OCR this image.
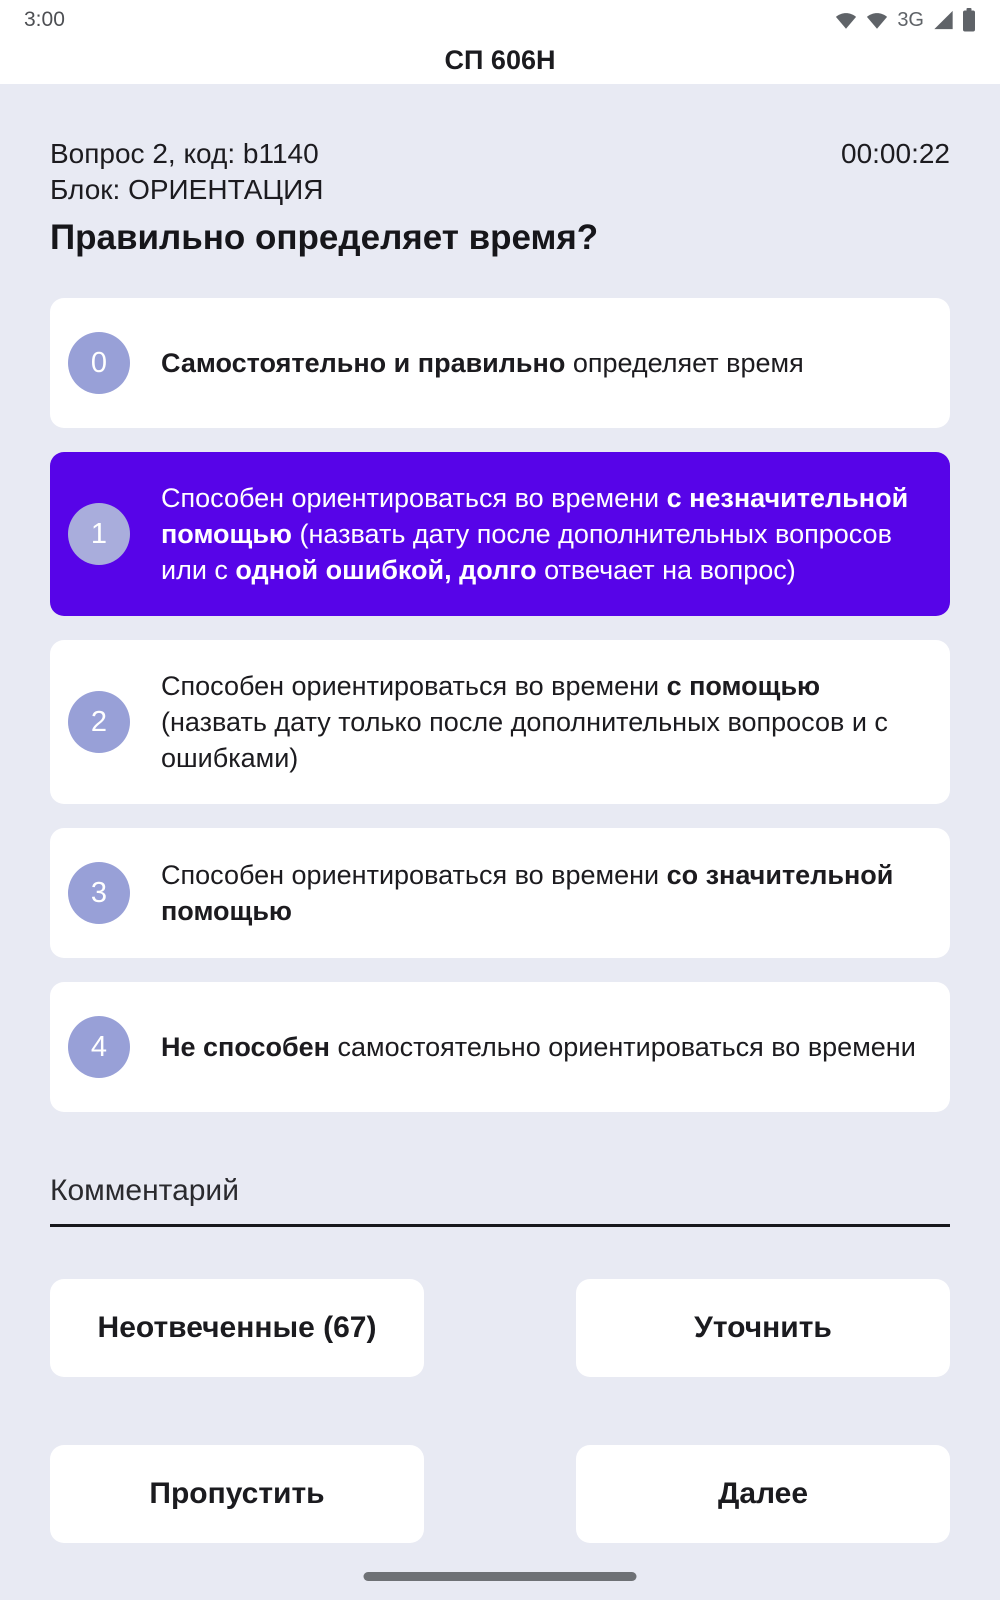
3:00	3G
СП 606Н
Вопрос 2, код: b1140	00:00:22
Блок: ОРИЕНТАЦИЯ
Правильно определяет время?
0	Самостоятельно и правильно определяет время
1
Способен ориентироваться во времени с незначительной помощью (назвать дату после дополнительных вопросов или с одной ошибкой, долго отвечает на вопрос)
2
Способен ориентироваться во времени с помощью (назвать дату только после дополнительных вопросов и с ошибками)
3
Способен ориентироваться во времени со значительной помощью
4	Не способен самостоятельно ориентироваться во времени
Комментарий
Неотвеченные (67)	Уточнить
Пропустить	Далее
